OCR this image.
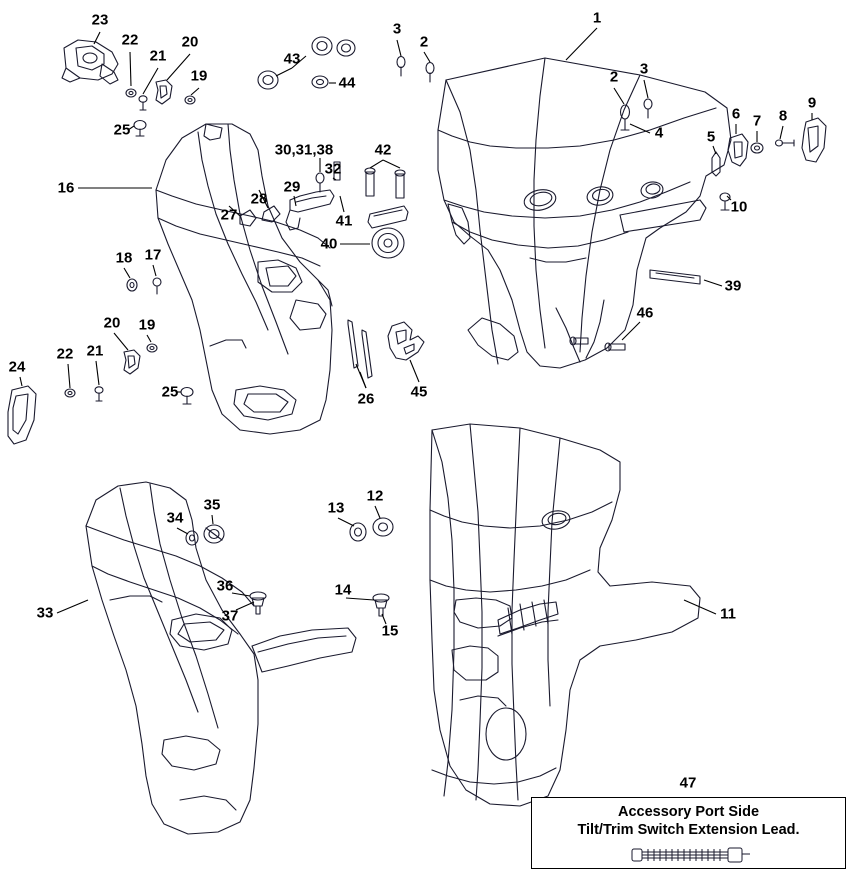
23
22
21
20
19
43
44
3
2
1
2 3
4	5
6 7 8
9
10
25
16
27
28
29
30,31,38
32
41
40
42
39
46
18 17
20 19
22 21
25
24
26 45
34
35	13
12
36
37
14
15
33	11
47
Accessory Port Side
Tilt/Trim Switch Extension Lead.
